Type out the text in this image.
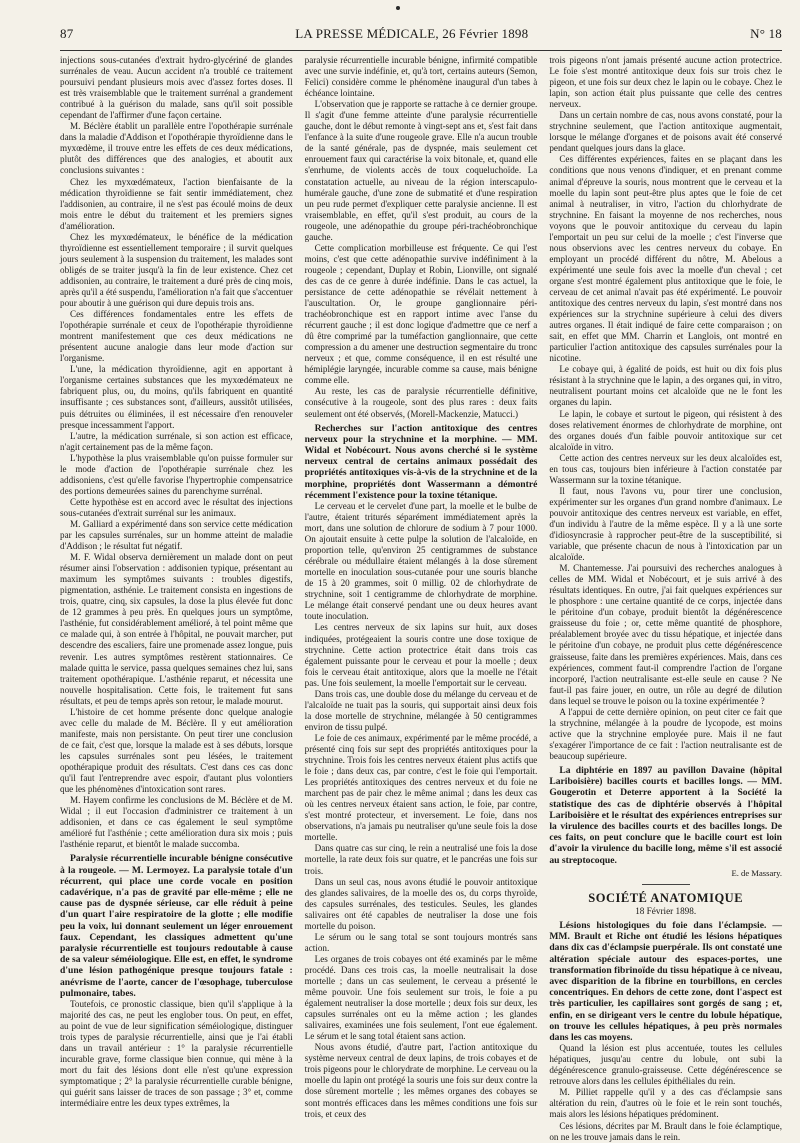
87	LA PRESSE MÉDICALE, 26 Février 1898	N° 18

injections sous-cutanées d'extrait hydro-glycériné de glandes surrénales de veau. Aucun accident n'a troublé ce traitement poursuivi pendant plusieurs mois avec d'assez fortes doses. Il est très vraisemblable que le traitement surrénal a grandement contribué à la guérison du malade, sans qu'il soit possible cependant de l'affirmer d'une façon certaine.

M. Béclère établit un parallèle entre l'opothérapie surrénale dans la maladie d'Addison et l'opothérapie thyroïdienne dans le myxœdème, il trouve entre les effets de ces deux médications, plutôt des différences que des analogies, et aboutit aux conclusions suivantes :

Chez les myxœdémateux, l'action bienfaisante de la médication thyroïdienne se fait sentir immédiatement, chez l'addisonien, au contraire, il ne s'est pas écoulé moins de deux mois entre le début du traitement et les premiers signes d'amélioration.

Chez les myxœdémateux, le bénéfice de la médication thyroïdienne est essentiellement temporaire ; il survit quelques jours seulement à la suspension du traitement, les malades sont obligés de se traiter jusqu'à la fin de leur existence. Chez cet addisonien, au contraire, le traitement a duré près de cinq mois, après qu'il a été suspendu, l'amélioration n'a fait que s'accentuer pour aboutir à une guérison qui dure depuis trois ans.

Ces différences fondamentales entre les effets de l'opothérapie surrénale et ceux de l'opothérapie thyroïdienne montrent manifestement que ces deux médications ne présentent aucune analogie dans leur mode d'action sur l'organisme.

L'une, la médication thyroïdienne, agit en apportant à l'organisme certaines substances que les myxœdémateux ne fabriquent plus, ou, du moins, qu'ils fabriquent en quantité insuffisante ; ces substances sont, d'ailleurs, aussitôt utilisées, puis détruites ou éliminées, il est nécessaire d'en renouveler presque incessamment l'apport.

L'autre, la médication surrénale, si son action est efficace, n'agit certainement pas de la même façon.

L'hypothèse la plus vraisemblable qu'on puisse formuler sur le mode d'action de l'opothérapie surrénale chez les addisoniens, c'est qu'elle favorise l'hypertrophie compensatrice des portions demeurées saines du parenchyme surrénal.

Cette hypothèse est en accord avec le résultat des injections sous-cutanées d'extrait surrénal sur les animaux.

M. Galliard a expérimenté dans son service cette médication par les capsules surrénales, sur un homme atteint de maladie d'Addison ; le résultat fut négatif.

M. F. Widal observa dernièrement un malade dont on peut résumer ainsi l'observation : addisonien typique, présentant au maximum les symptômes suivants : troubles digestifs, pigmentation, asthénie. Le traitement consista en ingestions de trois, quatre, cinq, six capsules, la dose la plus élevée fut donc de 12 grammes à peu près. En quelques jours un symptôme, l'asthénie, fut considérablement amélioré, à tel point même que ce malade qui, à son entrée à l'hôpital, ne pouvait marcher, put descendre des escaliers, faire une promenade assez longue, puis revenir. Les autres symptômes restèrent stationnaires. Ce malade quitta le service, passa quelques semaines chez lui, sans traitement opothérapique. L'asthénie reparut, et nécessita une nouvelle hospitalisation. Cette fois, le traitement fut sans résultats, et peu de temps après son retour, le malade mourut.

L'histoire de cet homme présente donc quelque analogie avec celle du malade de M. Béclère. Il y eut amélioration manifeste, mais non persistante. On peut tirer une conclusion de ce fait, c'est que, lorsque la malade est à ses débuts, lorsque les capsules surrénales sont peu lésées, le traitement opothérapique produit des résultats. C'est dans ces cas donc qu'il faut l'entreprendre avec espoir, d'autant plus volontiers que les phénomènes d'intoxication sont rares.

M. Hayem confirme les conclusions de M. Béclère et de M. Widal ; il eut l'occasion d'administrer ce traitement à un addisonien, et dans ce cas également le seul symptôme amélioré fut l'asthénie ; cette amélioration dura six mois ; puis l'asthénie reparut, et bientôt le malade succomba.

Paralysie récurrentielle incurable bénigne consécutive à la rougeole. — M. Lermoyez. La paralysie totale d'un récurrent, qui place une corde vocale en position cadavérique, n'a pas de gravité par elle-même ; elle ne cause pas de dyspnée sérieuse, car elle réduit à peine d'un quart l'aire respiratoire de la glotte ; elle modifie peu la voix, lui donnant seulement un léger enrouement faux. Cependant, les classiques admettent qu'une paralysie récurrentielle est toujours redoutable à cause de sa valeur séméiologique. Elle est, en effet, le syndrome d'une lésion pathogénique presque toujours fatale : anévrisme de l'aorte, cancer de l'œsophage, tuberculose pulmonaire, tabes.

Toutefois, ce pronostic classique, bien qu'il s'applique à la majorité des cas, ne peut les englober tous. On peut, en effet, au point de vue de leur signification séméiologique, distinguer trois types de paralysie récurrentielle, ainsi que je l'ai établi dans un travail antérieur : 1° la paralysie récurrentielle incurable grave, forme classique bien connue, qui mène à la mort du fait des lésions dont elle n'est qu'une expression symptomatique ; 2° la paralysie récurrentielle curable bénigne, qui guérit sans laisser de traces de son passage ; 3° et, comme intermédiaire entre les deux types extrêmes, la

paralysie récurrentielle incurable bénigne, infirmité compatible avec une survie indéfinie, et, qu'à tort, certains auteurs (Semon, Felici) considère comme le phénomène inaugural d'un tabes à échéance lointaine.

L'observation que je rapporte se rattache à ce dernier groupe. Il s'agit d'une femme atteinte d'une paralysie récurrentielle gauche, dont le début remonte à vingt-sept ans et, s'est fait dans l'enfance à la suite d'une rougeole grave. Elle n'a aucun trouble de la santé générale, pas de dyspnée, mais seulement cet enrouement faux qui caractérise la voix bitonale, et, quand elle s'enrhume, de violents accès de toux coqueluchoïde. La constatation actuelle, au niveau de la région interscapulo-humérale gauche, d'une zone de submatité et d'une respiration un peu rude permet d'expliquer cette paralysie ancienne. Il est vraisemblable, en effet, qu'il s'est produit, au cours de la rougeole, une adénopathie du groupe péri-trachéobronchique gauche.

Cette complication morbilleuse est fréquente. Ce qui l'est moins, c'est que cette adénopathie survive indéfiniment à la rougeole ; cependant, Duplay et Robin, Lionville, ont signalé des cas de ce genre à durée indéfinie. Dans le cas actuel, la persistance de cette adénopathie se révélait nettement à l'auscultation. Or, le groupe ganglionnaire péri-trachéobronchique est en rapport intime avec l'anse du récurrent gauche ; il est donc logique d'admettre que ce nerf a dû être comprimé par la tuméfaction ganglionnaire, que cette compression a du amener une destruction segmentaire du tronc nerveux ; et que, comme conséquence, il en est résulté une hémiplégie laryngée, incurable comme sa cause, mais bénigne comme elle.

Au reste, les cas de paralysie récurrentielle définitive, consécutive à la rougeole, sont des plus rares : deux faits seulement ont été observés, (Morell-Mackenzie, Matucci.)

Recherches sur l'action antitoxique des centres nerveux pour la strychnine et la morphine. — MM. Widal et Nobécourt. Nous avons cherché si le système nerveux central de certains animaux possédait des propriétés antitoxiques vis-à-vis de la strychnine et de la morphine, propriétés dont Wassermann a démontré récemment l'existence pour la toxine tétanique.

Le cerveau et le cervelet d'une part, la moelle et le bulbe de l'autre, étaient triturés séparément immédiatement après la mort, dans une solution de chlorure de sodium à 7 pour 1000. On ajoutait ensuite à cette pulpe la solution de l'alcaloïde, en proportion telle, qu'environ 25 centigrammes de substance cérébrale ou médullaire étaient mélangés à la dose sûrement mortelle en inoculation sous-cutanée pour une souris blanche de 15 à 20 grammes, soit 0 millig. 02 de chlorhydrate de strychnine, soit 1 centigramme de chlorhydrate de morphine. Le mélange était conservé pendant une ou deux heures avant toute inoculation.

Les centres nerveux de six lapins sur huit, aux doses indiquées, protégeaient la souris contre une dose toxique de strychnine. Cette action protectrice était dans trois cas également puissante pour le cerveau et pour la moelle ; deux fois le cerveau était antitoxique, alors que la moelle ne l'était pas. Une fois seulement, la moelle l'emportait sur le cerveau.

Dans trois cas, une double dose du mélange du cerveau et de l'alcaloïde ne tuait pas la souris, qui supportait ainsi deux fois la dose mortelle de strychnine, mélangée à 50 centigrammes environ de tissu pulpé.

Le foie de ces animaux, expérimenté par le même procédé, a présenté cinq fois sur sept des propriétés antitoxiques pour la strychnine. Trois fois les centres nerveux étaient plus actifs que le foie ; dans deux cas, par contre, c'est le foie qui l'emportait. Les propriétés antitoxiques des centres nerveux et du foie ne marchent pas de pair chez le même animal ; dans les deux cas où les centres nerveux étaient sans action, le foie, par contre, s'est montré protecteur, et inversement. Le foie, dans nos observations, n'a jamais pu neutraliser qu'une seule fois la dose mortelle.

Dans quatre cas sur cinq, le rein a neutralisé une fois la dose mortelle, la rate deux fois sur quatre, et le pancréas une fois sur trois.

Dans un seul cas, nous avons étudié le pouvoir antitoxique des glandes salivaires, de la moelle des os, du corps thyroïde, des capsules surrénales, des testicules. Seules, les glandes salivaires ont été capables de neutraliser la dose une fois mortelle du poison.

Le sérum ou le sang total se sont toujours montrés sans action.

Les organes de trois cobayes ont été examinés par le même procédé. Dans ces trois cas, la moelle neutralisait la dose mortelle ; dans un cas seulement, le cerveau a présenté le même pouvoir. Une fois seulement sur trois, le foie a pu également neutraliser la dose mortelle ; deux fois sur deux, les capsules surrénales ont eu la même action ; les glandes salivaires, examinées une fois seulement, l'ont eue également. Le sérum et le sang total étaient sans action.

Nous avons étudié, d'autre part, l'action antitoxique du système nerveux central de deux lapins, de trois cobayes et de trois pigeons pour le chlorydrate de morphine. Le cerveau ou la moelle du lapin ont protégé la souris une fois sur deux contre la dose sûrement mortelle ; les mêmes organes des cobayes se sont montrés efficaces dans les mêmes conditions une fois sur trois, et ceux des

trois pigeons n'ont jamais présenté aucune action protectrice. Le foie s'est montré antitoxique deux fois sur trois chez le pigeon, et une fois sur deux chez le lapin ou le cobaye. Chez le lapin, son action était plus puissante que celle des centres nerveux.

Dans un certain nombre de cas, nous avons constaté, pour la strychnine seulement, que l'action antitoxique augmentait, lorsque le mélange d'organes et de poisons avait été conservé pendant quelques jours dans la glace.

Ces différentes expériences, faites en se plaçant dans les conditions que nous venons d'indiquer, et en prenant comme animal d'épreuve la souris, nous montrent que le cerveau et la moelle du lapin sont peut-être plus aptes que le foie de cet animal à neutraliser, in vitro, l'action du chlorhydrate de strychnine. En faisant la moyenne de nos recherches, nous voyons que le pouvoir antitoxique du cerveau du lapin l'emportait un peu sur celui de la moelle ; c'est l'inverse que nous observions avec les centres nerveux du cobaye. En employant un procédé différent du nôtre, M. Abelous a expérimenté une seule fois avec la moelle d'un cheval ; cet organe s'est montré également plus antitoxique que le foie, le cerveau de cet animal n'avait pas été expérimenté. Le pouvoir antitoxique des centres nerveux du lapin, s'est montré dans nos expériences sur la strychnine supérieure à celui des divers autres organes. Il était indiqué de faire cette comparaison ; on sait, en effet que MM. Charrin et Langlois, ont montré en particulier l'action antitoxique des capsules surrénales pour la nicotine.

Le cobaye qui, à égalité de poids, est huit ou dix fois plus résistant à la strychnine que le lapin, a des organes qui, in vitro, neutralisent pourtant moins cet alcaloïde que ne le font les organes du lapin.

Le lapin, le cobaye et surtout le pigeon, qui résistent à des doses relativement énormes de chlorhydrate de morphine, ont des organes doués d'un faible pouvoir antitoxique sur cet alcaloïde in vitro.

Cette action des centres nerveux sur les deux alcaloïdes est, en tous cas, toujours bien inférieure à l'action constatée par Wassermann sur la toxine tétanique.

Il faut, nous l'avons vu, pour tirer une conclusion, expérimenter sur les organes d'un grand nombre d'animaux. Le pouvoir antitoxique des centres nerveux est variable, en effet, d'un individu à l'autre de la même espèce. Il y a là une sorte d'idiosyncrasie à rapprocher peut-être de la susceptibilité, si variable, que présente chacun de nous à l'intoxication par un alcaloïde.

M. Chantemesse. J'ai poursuivi des recherches analogues à celles de MM. Widal et Nobécourt, et je suis arrivé à des résultats identiques. En outre, j'ai fait quelques expériences sur le phosphore : une certaine quantité de ce corps, injectée dans le péritoine d'un cobaye, produit bientôt la dégénérescence graisseuse du foie ; or, cette même quantité de phosphore, préalablement broyée avec du tissu hépatique, et injectée dans le péritoine d'un cobaye, ne produit plus cette dégénérescence graisseuse, faite dans les premières expériences. Mais, dans ces expériences, comment faut-il comprendre l'action de l'organe incorporé, l'action neutralisante est-elle seule en cause ? Ne faut-il pas faire jouer, en outre, un rôle au degré de dilution dans lequel se trouve le poison ou la toxine expérimentée ?

A l'appui de cette dernière opinion, on peut citer ce fait que la strychnine, mélangée à la poudre de lycopode, est moins active que la strychnine employée pure. Mais il ne faut s'exagérer l'importance de ce fait : l'action neutralisante est de beaucoup supérieure.

La diphtérie en 1897 au pavillon Davaine (hôpital Lariboisière) bacilles courts et bacilles longs. — MM. Gougerotin et Deterre apportent à la Société la statistique des cas de diphtérie observés à l'hôpital Lariboisière et le résultat des expériences entreprises sur la virulence des bacilles courts et des bacilles longs. De ces faits, on peut conclure que le bacille court est loin d'avoir la virulence du bacille long, même s'il est associé au streptocoque.
E. de Massary.
SOCIÉTÉ ANATOMIQUE
18 Février 1898.
Lésions histologiques du foie dans l'éclampsie. — MM. Brault et Riche ont étudié les lésions hépatiques dans dix cas d'éclampsie puerpérale. Ils ont constaté une altération spéciale autour des espaces-portes, une transformation fibrinoïde du tissu hépatique à ce niveau, avec disparition de la fibrine en tourbillons, en cercles concentriques. En dehors de cette zone, dont l'aspect est très particulier, les capillaires sont gorgés de sang ; et, enfin, en se dirigeant vers le centre du lobule hépatique, on trouve les cellules hépatiques, à peu près normales dans les cas moyens.

Quand la lésion est plus accentuée, toutes les cellules hépatiques, jusqu'au centre du lobule, ont subi la dégénérescence granulo-graisseuse. Cette dégénérescence se retrouve alors dans les cellules épithéliales du rein.

M. Pilliet rappelle qu'il y a des cas d'éclampsie sans altération du rein, d'autres où le foie et le rein sont touchés, mais alors les lésions hépatiques prédominent.

Ces lésions, décrites par M. Brault dans le foie éclamptique, on ne les trouve jamais dans le rein.
